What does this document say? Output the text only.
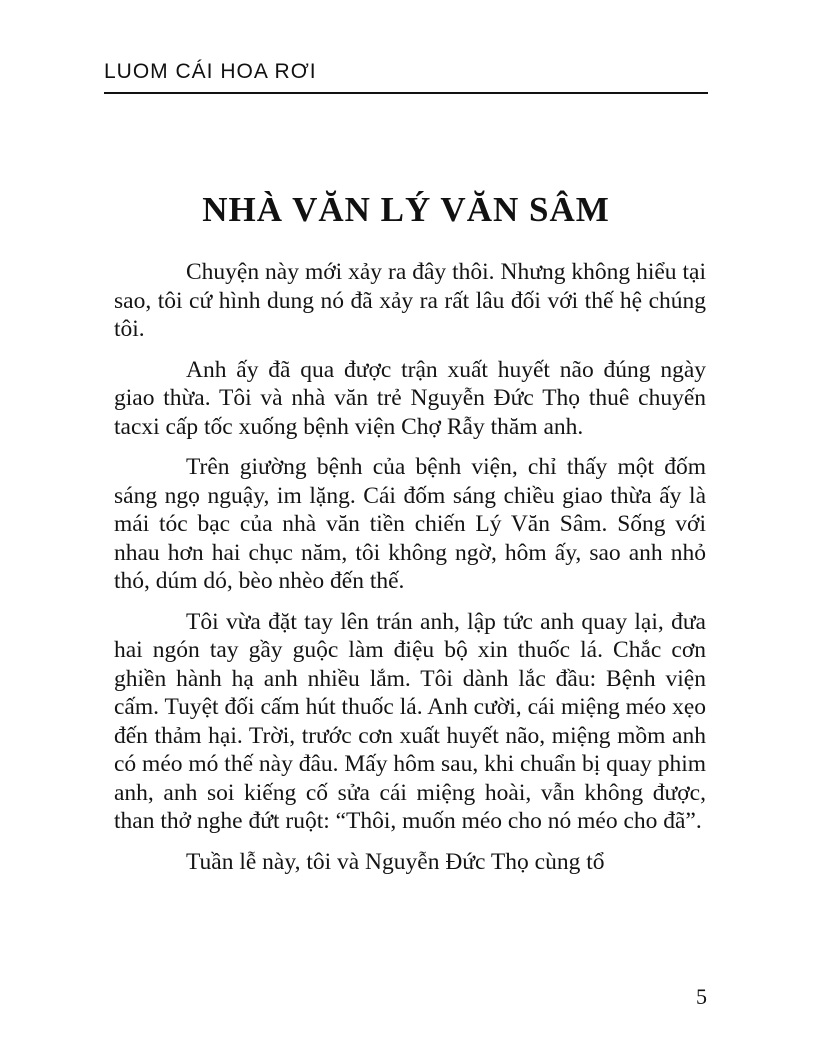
LUOM CÁI HOA RƠI
NHÀ VĂN LÝ VĂN SÂM

Chuyện này mới xảy ra đây thôi. Nhưng không hiểu tại sao, tôi cứ hình dung nó đã xảy ra rất lâu đối với thế hệ chúng tôi.

Anh ấy đã qua được trận xuất huyết não đúng ngày giao thừa. Tôi và nhà văn trẻ Nguyễn Đức Thọ thuê chuyến tacxi cấp tốc xuống bệnh viện Chợ Rẫy thăm anh.

Trên giường bệnh của bệnh viện, chỉ thấy một đốm sáng ngọ nguậy, im lặng. Cái đốm sáng chiều giao thừa ấy là mái tóc bạc của nhà văn tiền chiến Lý Văn Sâm. Sống với nhau hơn hai chục năm, tôi không ngờ, hôm ấy, sao anh nhỏ thó, dúm dó, bèo nhèo đến thế.

Tôi vừa đặt tay lên trán anh, lập tức anh quay lại, đưa hai ngón tay gầy guộc làm điệu bộ xin thuốc lá. Chắc cơn ghiền hành hạ anh nhiều lắm. Tôi dành lắc đầu: Bệnh viện cấm. Tuyệt đối cấm hút thuốc lá. Anh cười, cái miệng méo xẹo đến thảm hại. Trời, trước cơn xuất huyết não, miệng mồm anh có méo mó thế này đâu. Mấy hôm sau, khi chuẩn bị quay phim anh, anh soi kiếng cố sửa cái miệng hoài, vẫn không được, than thở nghe đứt ruột: “Thôi, muốn méo cho nó méo cho đã”.

Tuần lễ này, tôi và Nguyễn Đức Thọ cùng tổ

5
